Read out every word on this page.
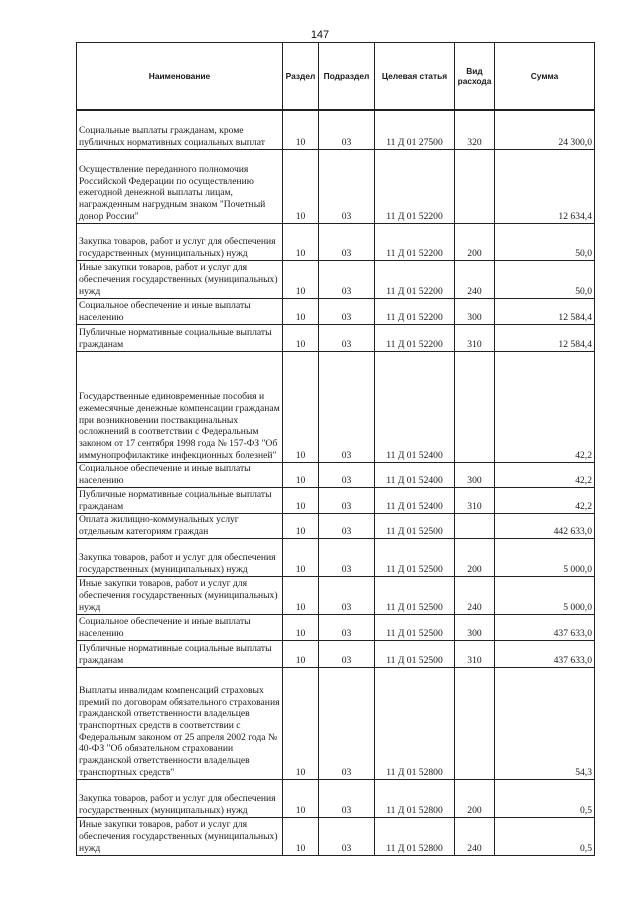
147
Наименование	Раздел	Подраздел	Целевая статья	Вид расхода	Сумма
Социальные выплаты гражданам, кроме публичных нормативных социальных выплат	10	03	11 Д 01 27500	320	24 300,0
Осуществление переданного полномочия Российской Федерации по осуществлению ежегодной денежной выплаты лицам, награжденным нагрудным знаком "Почетный донор России"	10	03	11 Д 01 52200		12 634,4
Закупка товаров, работ и услуг для обеспечения государственных (муниципальных) нужд	10	03	11 Д 01 52200	200	50,0
Иные закупки товаров, работ и услуг для обеспечения государственных (муниципальных) нужд	10	03	11 Д 01 52200	240	50,0
Социальное обеспечение и иные выплаты населению	10	03	11 Д 01 52200	300	12 584,4
Публичные нормативные социальные выплаты гражданам	10	03	11 Д 01 52200	310	12 584,4
Государственные единовременные пособия и ежемесячные денежные компенсации гражданам при возникновении поствакцинальных осложнений в соответствии с Федеральным законом от 17 сентября 1998 года № 157-ФЗ "Об иммунопрофилактике инфекционных болезней"	10	03	11 Д 01 52400		42,2
Социальное обеспечение и иные выплаты населению	10	03	11 Д 01 52400	300	42,2
Публичные нормативные социальные выплаты гражданам	10	03	11 Д 01 52400	310	42,2
Оплата жилищно-коммунальных услуг отдельным категориям граждан	10	03	11 Д 01 52500		442 633,0
Закупка товаров, работ и услуг для обеспечения государственных (муниципальных) нужд	10	03	11 Д 01 52500	200	5 000,0
Иные закупки товаров, работ и услуг для обеспечения государственных (муниципальных) нужд	10	03	11 Д 01 52500	240	5 000,0
Социальное обеспечение и иные выплаты населению	10	03	11 Д 01 52500	300	437 633,0
Публичные нормативные социальные выплаты гражданам	10	03	11 Д 01 52500	310	437 633,0
Выплаты инвалидам компенсаций страховых премий по договорам обязательного страхования гражданской ответственности владельцев транспортных средств в соответствии с Федеральным законом от 25 апреля 2002 года № 40-ФЗ "Об обязательном страховании гражданской ответственности владельцев транспортных средств"	10	03	11 Д 01 52800		54,3
Закупка товаров, работ и услуг для обеспечения государственных (муниципальных) нужд	10	03	11 Д 01 52800	200	0,5
Иные закупки товаров, работ и услуг для обеспечения государственных (муниципальных) нужд	10	03	11 Д 01 52800	240	0,5
